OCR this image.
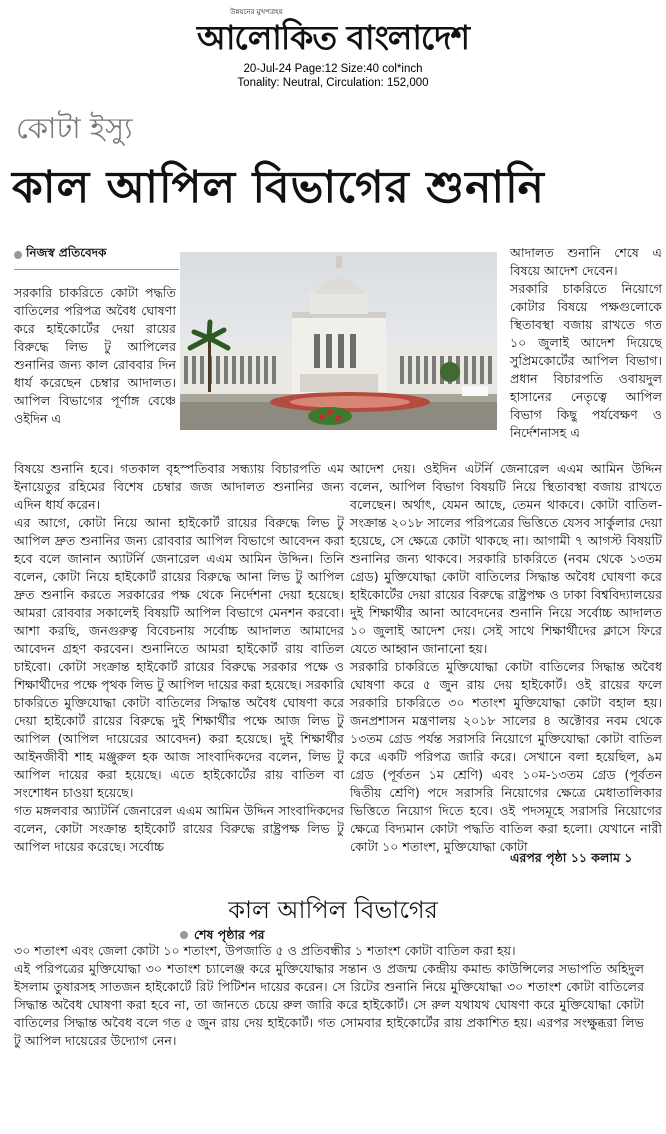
উন্নয়নের মুখপত্রহয়
আলোকিত বাংলাদেশ
20-Jul-24 Page:12 Size:40 col*inch
Tonality: Neutral, Circulation: 152,000
কোটা ইস্যু
কাল আপিল বিভাগের শুনানি
নিজস্ব প্রতিবেদক
সরকারি চাকরিতে কোটা পদ্ধতি বাতিলের পরিপত্র অবৈধ ঘোষণা করে হাইকোর্টের দেয়া রায়ের বিরুদ্ধে লিভ টু আপিলের শুনানির জন্য কাল রোববার দিন ধার্য করেছেন চেম্বার আদালত। আপিল বিভাগের পূর্ণাঙ্গ বেঞ্চে ওইদিন এ

বিষয়ে শুনানি হবে। গতকাল বৃহস্পতিবার সন্ধ্যায় বিচারপতি এম ইনায়েতুর রহিমের বিশেষ চেম্বার জজ আদালত শুনানির জন্য এদিন ধার্য করেন।
এর আগে, কোটা নিয়ে আনা হাইকোর্ট রায়ের বিরুদ্ধে লিভ টু আপিল দ্রুত শুনানির জন্য রোববার আপিল বিভাগে আবেদন করা হবে বলে জানান অ্যাটর্নি জেনারেল এএম আমিন উদ্দিন। তিনি বলেন, কোটা নিয়ে হাইকোর্ট রায়ের বিরুদ্ধে আনা লিভ টু আপিল দ্রুত শুনানি করতে সরকারের পক্ষ থেকে নির্দেশনা দেয়া হয়েছে। আমরা রোববার সকালেই বিষয়টি আপিল বিভাগে মেনশন করবো। আশা করছি, জনগুরুত্ব বিবেচনায় সর্বোচ্চ আদালত আমাদের আবেদন গ্রহণ করবেন। শুনানিতে আমরা হাইকোর্ট রায় বাতিল চাইবো। কোটা সংক্রান্ত হাইকোর্ট রায়ের বিরুদ্ধে সরকার পক্ষে ও শিক্ষার্থীদের পক্ষে পৃথক লিভ টু আপিল দায়ের করা হয়েছে। সরকারি চাকরিতে মুক্তিযোদ্ধা কোটা বাতিলের সিদ্ধান্ত অবৈধ ঘোষণা করে দেয়া হাইকোর্ট রায়ের বিরুদ্ধে দুই শিক্ষার্থীর পক্ষে আজ লিভ টু আপিল (আপিল দায়েরের আবেদন) করা হয়েছে। দুই শিক্ষার্থীর আইনজীবী শাহ মঞ্জুরুল হক আজ সাংবাদিকদের বলেন, লিভ টু আপিল দায়ের করা হয়েছে। এতে হাইকোর্টের রায় বাতিল বা সংশোধন চাওয়া হয়েছে।
গত মঙ্গলবার অ্যাটর্নি জেনারেল এএম আমিন উদ্দিন সাংবাদিকদের বলেন, কোটা সংক্রান্ত হাইকোর্ট রায়ের বিরুদ্ধে রাষ্ট্রপক্ষ লিভ টু আপিল দায়ের করেছে। সর্বোচ্চ

আদালত শুনানি শেষে এ বিষয়ে আদেশ দেবেন।
সরকারি চাকরিতে নিয়োগে কোটার বিষয়ে পক্ষগুলোকে স্থিতাবস্থা বজায় রাখতে গত ১০ জুলাই আদেশ দিয়েছে সুপ্রিমকোর্টের আপিল বিভাগ। প্রধান বিচারপতি ওবায়দুল হাসানের নেতৃত্বে আপিল বিভাগ কিছু পর্যবেক্ষণ ও নির্দেশনাসহ এ
আদেশ দেয়। ওইদিন এটর্নি জেনারেল এএম আমিন উদ্দিন বলেন, আপিল বিভাগ বিষয়টি নিয়ে স্থিতাবস্থা বজায় রাখতে বলেছেন। অর্থাৎ, যেমন আছে, তেমন থাকবে। কোটা বাতিল-সংক্রান্ত ২০১৮ সালের পরিপত্রের ভিত্তিতে যেসব সার্কুলার দেয়া হয়েছে, সে ক্ষেত্রে কোটা থাকছে না। আগামী ৭ আগস্ট বিষয়টি শুনানির জন্য থাকবে। সরকারি চাকরিতে (নবম থেকে ১৩তম গ্রেড) মুক্তিযোদ্ধা কোটা বাতিলের সিদ্ধান্ত অবৈধ ঘোষণা করে হাইকোর্টের দেয়া রায়ের বিরুদ্ধে রাষ্ট্রপক্ষ ও ঢাকা বিশ্ববিদ্যালয়ের দুই শিক্ষার্থীর আনা আবেদনের শুনানি নিয়ে সর্বোচ্চ আদালত ১০ জুলাই আদেশ দেয়। সেই সাথে শিক্ষার্থীদের ক্লাসে ফিরে যেতে আহ্বান জানানো হয়।
সরকারি চাকরিতে মুক্তিযোদ্ধা কোটা বাতিলের সিদ্ধান্ত অবৈধ ঘোষণা করে ৫ জুন রায় দেয় হাইকোর্ট। ওই রায়ের ফলে সরকারি চাকরিতে ৩০ শতাংশ মুক্তিযোদ্ধা কোটা বহাল হয়। জনপ্রশাসন মন্ত্রণালয় ২০১৮ সালের ৪ অক্টোবর নবম থেকে ১৩তম গ্রেড পর্যন্ত সরাসরি নিয়োগে মুক্তিযোদ্ধা কোটা বাতিল করে একটি পরিপত্র জারি করে। সেখানে বলা হয়েছিল, ৯ম গ্রেড (পূর্বতন ১ম শ্রেণি) এবং ১০ম-১৩তম গ্রেড (পূর্বতন দ্বিতীয় শ্রেণি) পদে সরাসরি নিয়োগের ক্ষেত্রে মেধাতালিকার ভিত্তিতে নিয়োগ দিতে হবে। ওই পদসমূহে সরাসরি নিয়োগের ক্ষেত্রে বিদ্যমান কোটা পদ্ধতি বাতিল করা হলো। যেখানে নারী কোটা ১০ শতাংশ, মুক্তিযোদ্ধা কোটা
এরপর পৃষ্ঠা ১১ কলাম ১
কাল আপিল বিভাগের
শেষ পৃষ্ঠার পর
৩০ শতাংশ এবং জেলা কোটা ১০ শতাংশ, উপজাতি ৫ ও প্রতিবন্ধীর ১ শতাংশ কোটা বাতিল করা হয়।
এই পরিপত্রের মুক্তিযোদ্ধা ৩০ শতাংশ চ্যালেঞ্জ করে মুক্তিযোদ্ধার সন্তান ও প্রজন্ম কেন্দ্রীয় কমান্ড কাউন্সিলের সভাপতি অহিদুল ইসলাম তুষারসহ সাতজন হাইকোর্টে রিট পিটিশন দায়ের করেন। সে রিটের শুনানি নিয়ে মুক্তিযোদ্ধা ৩০ শতাংশ কোটা বাতিলের সিদ্ধান্ত অবৈধ ঘোষণা করা হবে না, তা জানতে চেয়ে রুল জারি করে হাইকোর্ট। সে রুল যথাযথ ঘোষণা করে মুক্তিযোদ্ধা কোটা বাতিলের সিদ্ধান্ত অবৈধ বলে গত ৫ জুন রায় দেয় হাইকোর্ট। গত সোমবার হাইকোর্টের রায় প্রকাশিত হয়। এরপর সংক্ষুব্ধরা লিভ টু আপিল দায়েরের উদ্যোগ নেন।
